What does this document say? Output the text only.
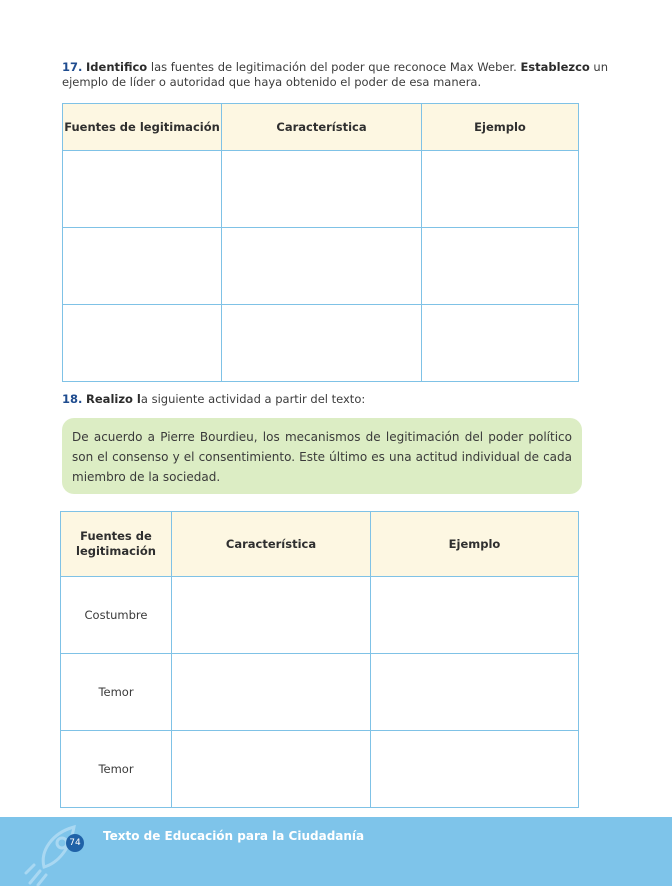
17. Identifico las fuentes de legitimación del poder que reconoce Max Weber. Establezco un ejemplo de líder o autoridad que haya obtenido el poder de esa manera.
Fuentes de legitimación	Característica	Ejemplo

18. Realizo la siguiente actividad a partir del texto:
De acuerdo a Pierre Bourdieu, los mecanismos de legitimación del poder político son el consenso y el consentimiento. Este último es una actitud individual de cada miembro de la sociedad.
Fuentes de legitimación	Característica	Ejemplo
Costumbre		
Temor		
Temor		
74 Texto de Educación para la Ciudadanía
